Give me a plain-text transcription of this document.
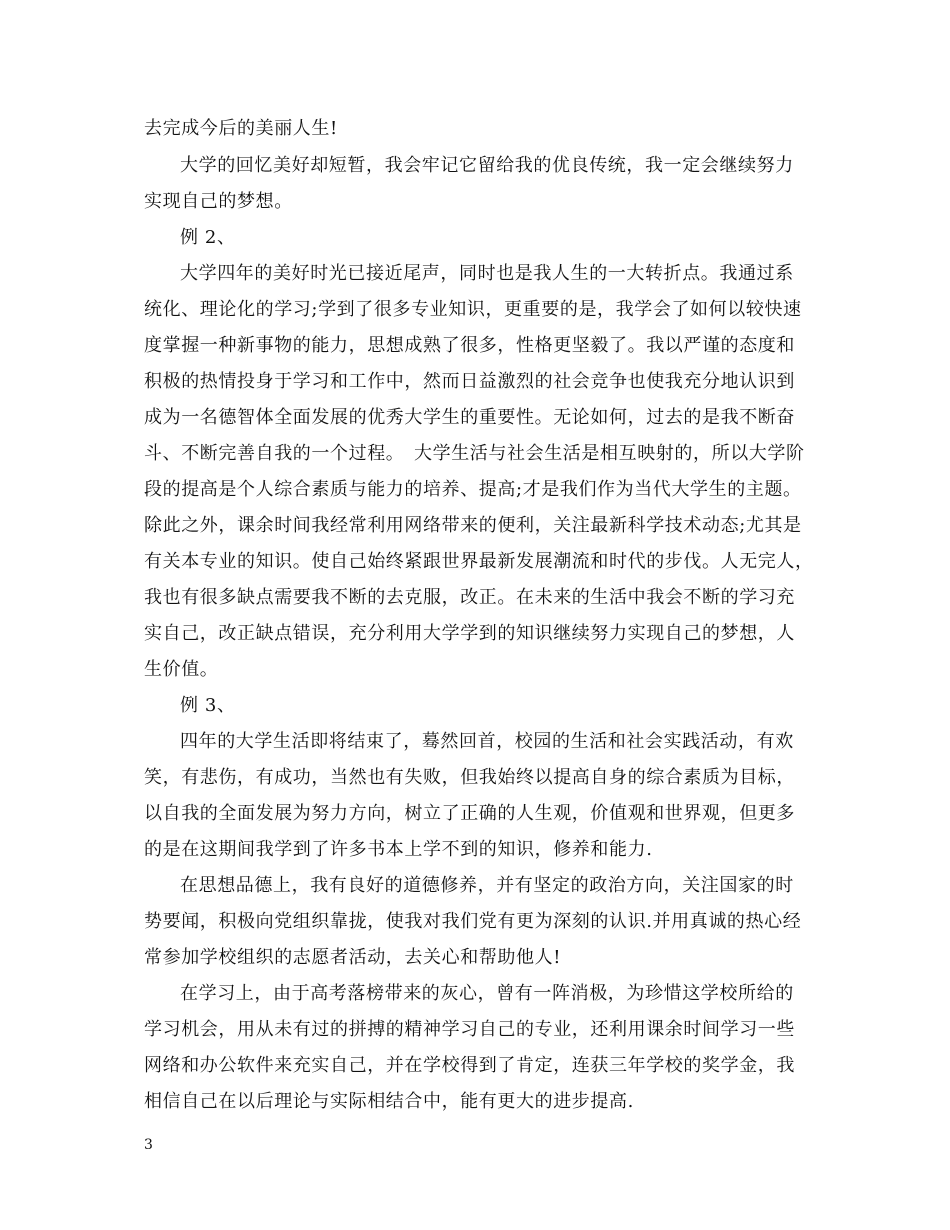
去完成今后的美丽人生!
大学的回忆美好却短暂，我会牢记它留给我的优良传统，我一定会继续努力
实现自己的梦想。
例 2、
大学四年的美好时光已接近尾声，同时也是我人生的一大转折点。我通过系
统化、理论化的学习;学到了很多专业知识，更重要的是，我学会了如何以较快速
度掌握一种新事物的能力，思想成熟了很多，性格更坚毅了。我以严谨的态度和
积极的热情投身于学习和工作中，然而日益激烈的社会竞争也使我充分地认识到
成为一名德智体全面发展的优秀大学生的重要性。无论如何，过去的是我不断奋
斗、不断完善自我的一个过程。　大学生活与社会生活是相互映射的，所以大学阶
段的提高是个人综合素质与能力的培养、提高;才是我们作为当代大学生的主题。
除此之外，课余时间我经常利用网络带来的便利，关注最新科学技术动态;尤其是
有关本专业的知识。使自己始终紧跟世界最新发展潮流和时代的步伐。人无完人，
我也有很多缺点需要我不断的去克服，改正。在未来的生活中我会不断的学习充
实自己，改正缺点错误，充分利用大学学到的知识继续努力实现自己的梦想，人
生价值。
例 3、
四年的大学生活即将结束了，蓦然回首，校园的生活和社会实践活动，有欢
笑，有悲伤，有成功，当然也有失败，但我始终以提高自身的综合素质为目标，
以自我的全面发展为努力方向，树立了正确的人生观，价值观和世界观，但更多
的是在这期间我学到了许多书本上学不到的知识，修养和能力.
在思想品德上，我有良好的道德修养，并有坚定的政治方向，关注国家的时
势要闻，积极向党组织靠拢，使我对我们党有更为深刻的认识.并用真诚的热心经
常参加学校组织的志愿者活动，去关心和帮助他人!
在学习上，由于高考落榜带来的灰心，曾有一阵消极，为珍惜这学校所给的
学习机会，用从未有过的拼搏的精神学习自己的专业，还利用课余时间学习一些
网络和办公软件来充实自己，并在学校得到了肯定，连获三年学校的奖学金，我
相信自己在以后理论与实际相结合中，能有更大的进步提高.
3
